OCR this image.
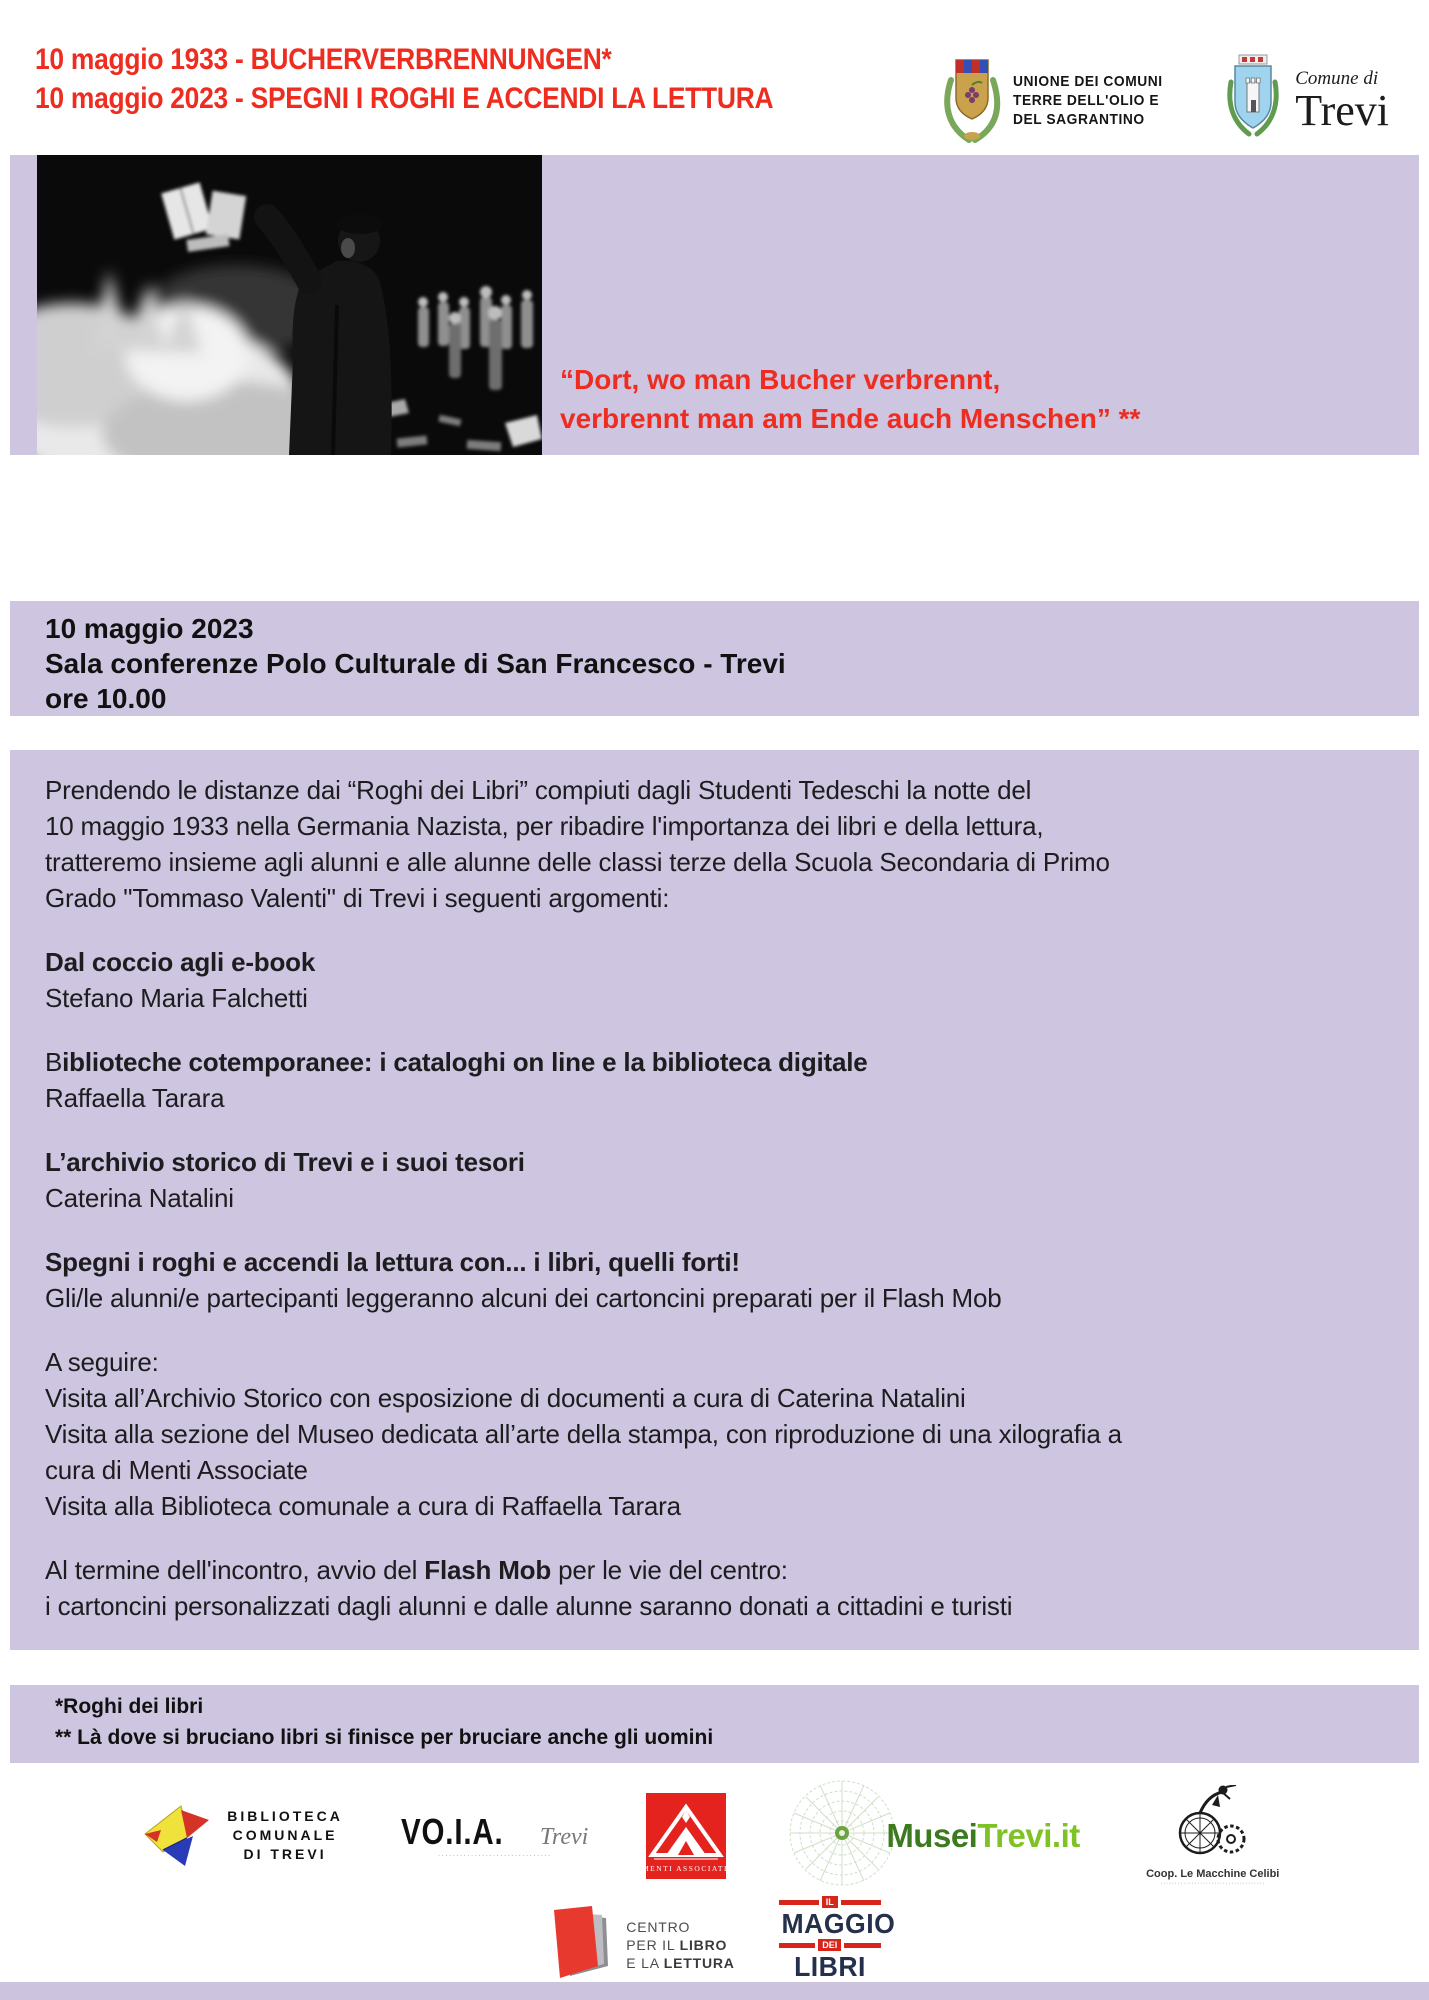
10 maggio 1933 - BUCHERVERBRENNUNGEN*
10 maggio 2023 - SPEGNI I ROGHI E ACCENDI LA LETTURA
UNIONE DEI COMUNI
TERRE DELL'OLIO E
DEL SAGRANTINO
Comune di
Trevi
“Dort, wo man Bucher verbrennt,
verbrennt man am Ende auch Menschen” **
10 maggio 2023
Sala conferenze Polo Culturale di San Francesco - Trevi
ore 10.00
Prendendo le distanze dai “Roghi dei Libri” compiuti dagli Studenti Tedeschi la notte del
10 maggio 1933 nella Germania Nazista, per ribadire l'importanza dei libri e della lettura,
tratteremo insieme agli alunni e alle alunne delle classi terze della Scuola Secondaria di Primo
Grado "Tommaso Valenti" di Trevi i seguenti argomenti:
Dal coccio agli e-book
Stefano Maria Falchetti
Biblioteche cotemporanee: i cataloghi on line e la biblioteca digitale
Raffaella Tarara
L’archivio storico di Trevi e i suoi tesori
Caterina Natalini
Spegni i roghi e accendi la lettura con... i libri, quelli forti!
Gli/le alunni/e partecipanti leggeranno alcuni dei cartoncini preparati per il Flash Mob
A seguire:
Visita all’Archivio Storico con esposizione di documenti a cura di Caterina Natalini
Visita alla sezione del Museo dedicata all’arte della stampa, con riproduzione di una xilografia a
cura di Menti Associate
Visita alla Biblioteca comunale a cura di Raffaella Tarara
Al termine dell'incontro, avvio del Flash Mob per le vie del centro:
i cartoncini personalizzati dagli alunni e dalle alunne saranno donati a cittadini e turisti
*Roghi dei libri
** Là dove si bruciano libri si finisce per bruciare anche gli uomini
BIBLIOTECA
COMUNALE
DI TREVI
VO.I.A. Trevi
·······························
MENTI ASSOCIATE
MuseiTrevi.it
Coop. Le Macchine Celibi
·····································
CENTRO
PER IL LIBRO
E LA LETTURA
IL
MAGGIO
DEI
LIBRI
